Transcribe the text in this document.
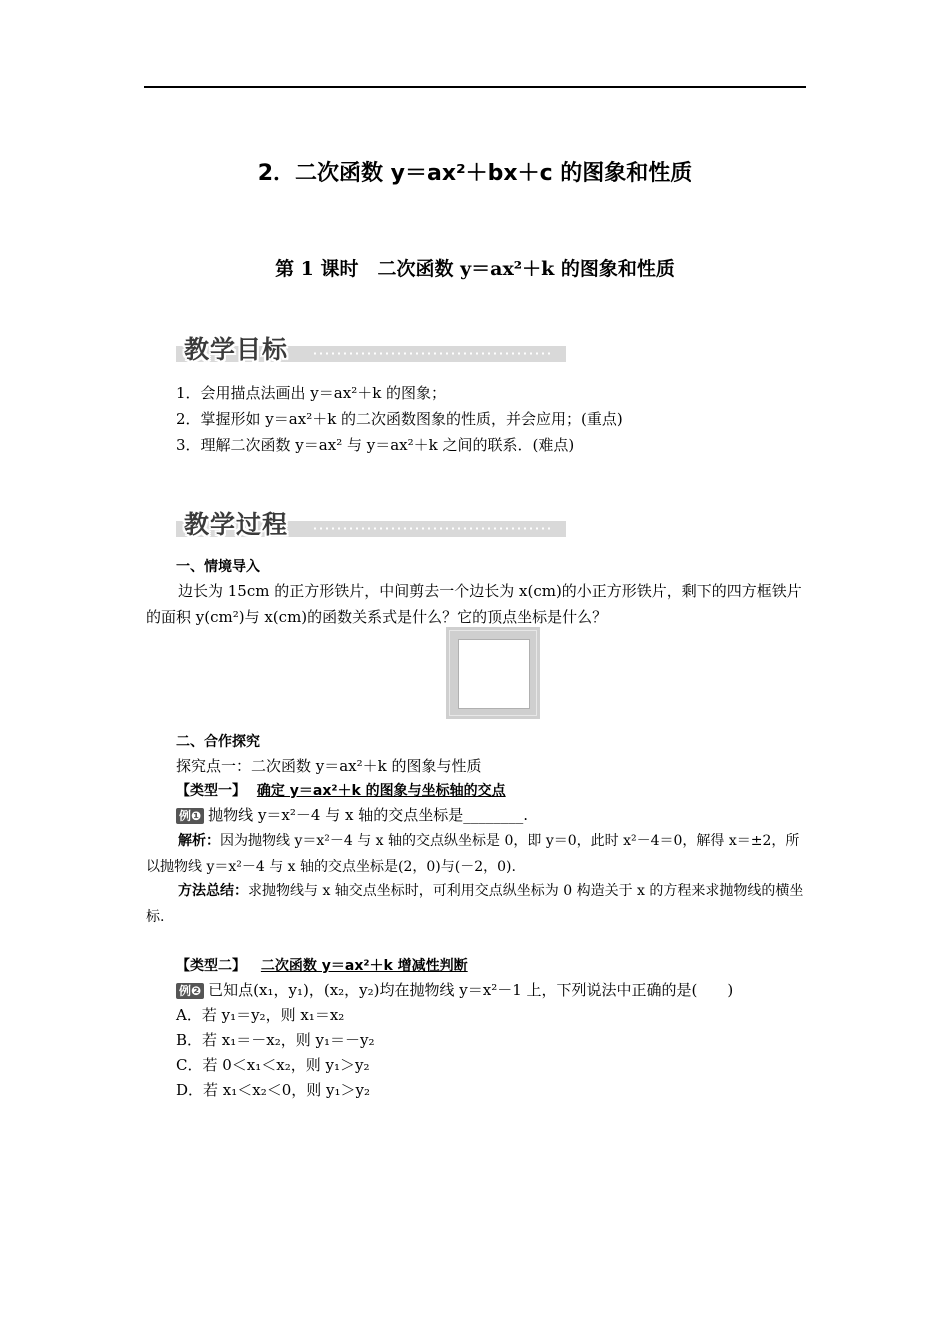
2．二次函数 y＝ax²＋bx＋c 的图象和性质
第 1 课时　二次函数 y＝ax²＋k 的图象和性质
教学目标
1．会用描点法画出 y＝ax²＋k 的图象；
2．掌握形如 y＝ax²＋k 的二次函数图象的性质，并会应用；(重点)
3．理解二次函数 y＝ax² 与 y＝ax²＋k 之间的联系．(难点)
教学过程
一、情境导入
边长为 15cm 的正方形铁片，中间剪去一个边长为 x(cm)的小正方形铁片，剩下的四方框铁片的面积 y(cm²)与 x(cm)的函数关系式是什么？它的顶点坐标是什么？
二、合作探究
探究点一：二次函数 y＝ax²＋k 的图象与性质
【类型一】 确定 y＝ax²＋k 的图象与坐标轴的交点
例❶ 抛物线 y＝x²－4 与 x 轴的交点坐标是________.
解析：因为抛物线 y＝x²－4 与 x 轴的交点纵坐标是 0，即 y＝0，此时 x²－4＝0，解得 x＝±2，所以抛物线 y＝x²－4 与 x 轴的交点坐标是(2，0)与(－2，0).
方法总结：求抛物线与 x 轴交点坐标时，可利用交点纵坐标为 0 构造关于 x 的方程来求抛物线的横坐标.
【类型二】 二次函数 y＝ax²＋k 增减性判断
例❷ 已知点(x₁，y₁)，(x₂，y₂)均在抛物线 y＝x²－1 上，下列说法中正确的是(　　)
A．若 y₁＝y₂，则 x₁＝x₂
B．若 x₁＝－x₂，则 y₁＝－y₂
C．若 0＜x₁＜x₂，则 y₁＞y₂
D．若 x₁＜x₂＜0，则 y₁＞y₂
